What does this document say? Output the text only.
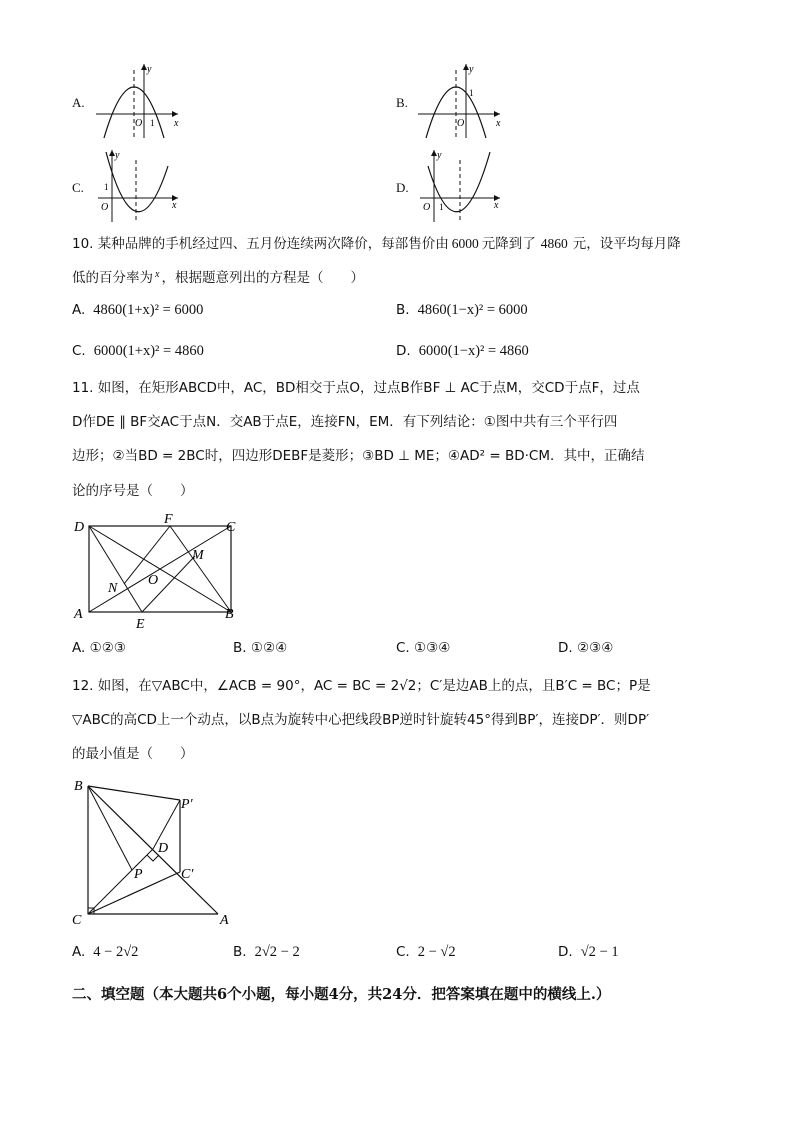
A.	B.
C.	D.
y
x
O 1
y
x
O
1
y
x
O
1
y
x
O 1
10. 某种品牌的手机经过四、五月份连续两次降价，每部售价由 6000 元降到了 4860 元，设平均每月降
低的百分率为 $^x$ ，根据题意列出的方程是（　　）
A. 4860(1+x)² = 6000	B. 4860(1−x)² = 6000
C. 6000(1+x)² = 4860	D. 6000(1−x)² = 4860
11. 如图，在矩形ABCD中，AC，BD相交于点O，过点B作BF ⊥ AC于点M，交CD于点F，过点
D作DE ∥ BF交AC于点N．交AB于点E，连接FN，EM．有下列结论：①图中共有三个平行四
边形；②当BD = 2BC时，四边形DEBF是菱形；③BD ⊥ ME；④AD² = BD·CM．其中，正确结
论的序号是（　　）
D
F
C
M
N
O
A
E
B
A. ①②③	B. ①②④	C. ①③④	D. ②③④
12. 如图，在▽ABC中，∠ACB = 90°，AC = BC = 2√2；C′是边AB上的点，且B′C = BC；P是
▽ABC的高CD上一个动点，以B点为旋转中心把线段BP逆时针旋转45°得到BP′，连接DP′．则DP′
的最小值是（　　）
B
P′
D
P	C′
C	A
A. 4 − 2√2	B. 2√2 − 2	C. 2 − √2	D. √2 − 1
二、填空题（本大题共6个小题，每小题4分，共24分．把答案填在题中的横线上.）
